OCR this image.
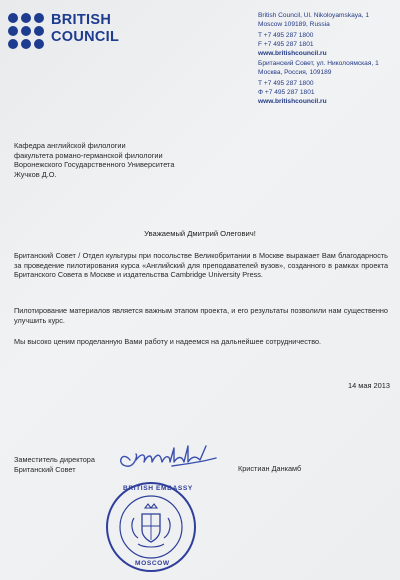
BRITISH
COUNCIL
British Council, Ul. Nikoloyamskaya, 1
Moscow 109189, Russia
T +7 495 287 1800
F +7 495 287 1801
www.britishcouncil.ru
Британский Совет, ул. Николоямская, 1
Москва, Россия, 109189
Т +7 495 287 1800
Ф +7 495 287 1801
www.britishcouncil.ru
Кафедра английской филологии
факультета романо-германской филологии
Воронежского Государственного Университета
Жучков Д.О.
Уважаемый Дмитрий Олегович!
Британский Совет / Отдел культуры при посольстве Великобритании в Москве выражает Вам благодарность за проведение пилотирования курса «Английский для преподавателей вузов», созданного в рамках проекта Британского Совета в Москве и издательства Cambridge University Press.
Пилотирование материалов является важным этапом проекта, и его результаты позволили нам существенно улучшить курс.
Мы высоко ценим проделанную Вами работу и надеемся на дальнейшее сотрудничество.
14 мая 2013
Заместитель директора
Британский Совет	Кристиан Данкамб
BRITISH EMBASSY
MOSCOW
